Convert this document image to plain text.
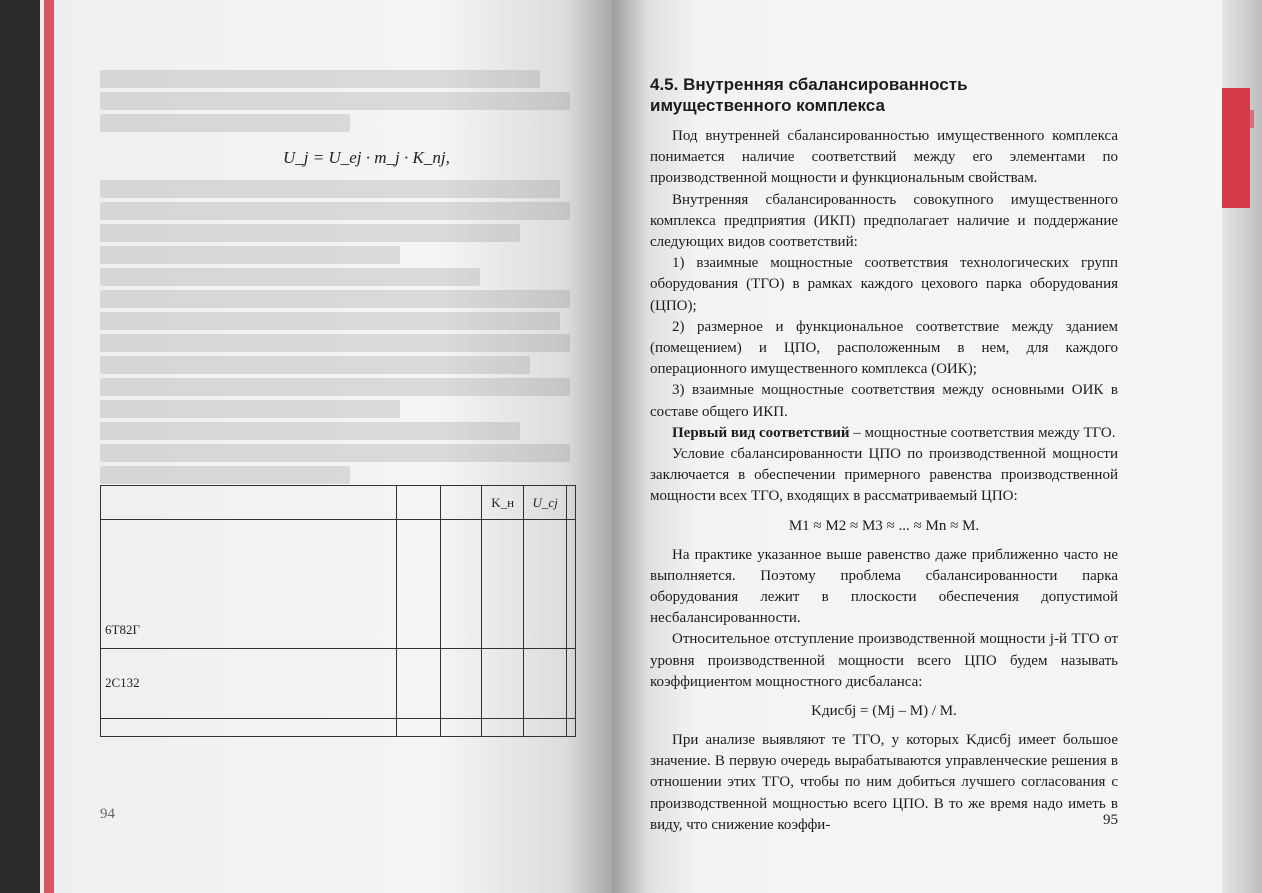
U_j = U_ej · m_j · K_пj,
			K_н	U_cj	
6Т82Г					
2С132					

94
4.5. Внутренняя сбалансированность
имущественного комплекса

Под внутренней сбалансированностью имущественного комплекса понимается наличие соответствий между его элементами по производственной мощности и функциональным свойствам.

Внутренняя сбалансированность совокупного имущественного комплекса предприятия (ИКП) предполагает наличие и поддержание следующих видов соответствий:

1) взаимные мощностные соответствия технологических групп оборудования (ТГО) в рамках каждого цехового парка оборудования (ЦПО);

2) размерное и функциональное соответствие между зданием (помещением) и ЦПО, расположенным в нем, для каждого операционного имущественного комплекса (ОИК);

3) взаимные мощностные соответствия между основными ОИК в составе общего ИКП.

Первый вид соответствий – мощностные соответствия между ТГО.

Условие сбалансированности ЦПО по производственной мощности заключается в обеспечении примерного равенства производственной мощности всех ТГО, входящих в рассматриваемый ЦПО:

M1 ≈ M2 ≈ M3 ≈ ... ≈ Mn ≈ M.

На практике указанное выше равенство даже приближенно часто не выполняется. Поэтому проблема сбалансированности парка оборудования лежит в плоскости обеспечения допустимой несбалансированности.

Относительное отступление производственной мощности j-й ТГО от уровня производственной мощности всего ЦПО будем называть коэффициентом мощностного дисбаланса:

Kдисбj = (Mj – M) / M.

При анализе выявляют те ТГО, у которых Kдисбj имеет большое значение. В первую очередь вырабатываются управленческие решения в отношении этих ТГО, чтобы по ним добиться лучшего согласования с производственной мощностью всего ЦПО. В то же время надо иметь в виду, что снижение коэффи-	95
